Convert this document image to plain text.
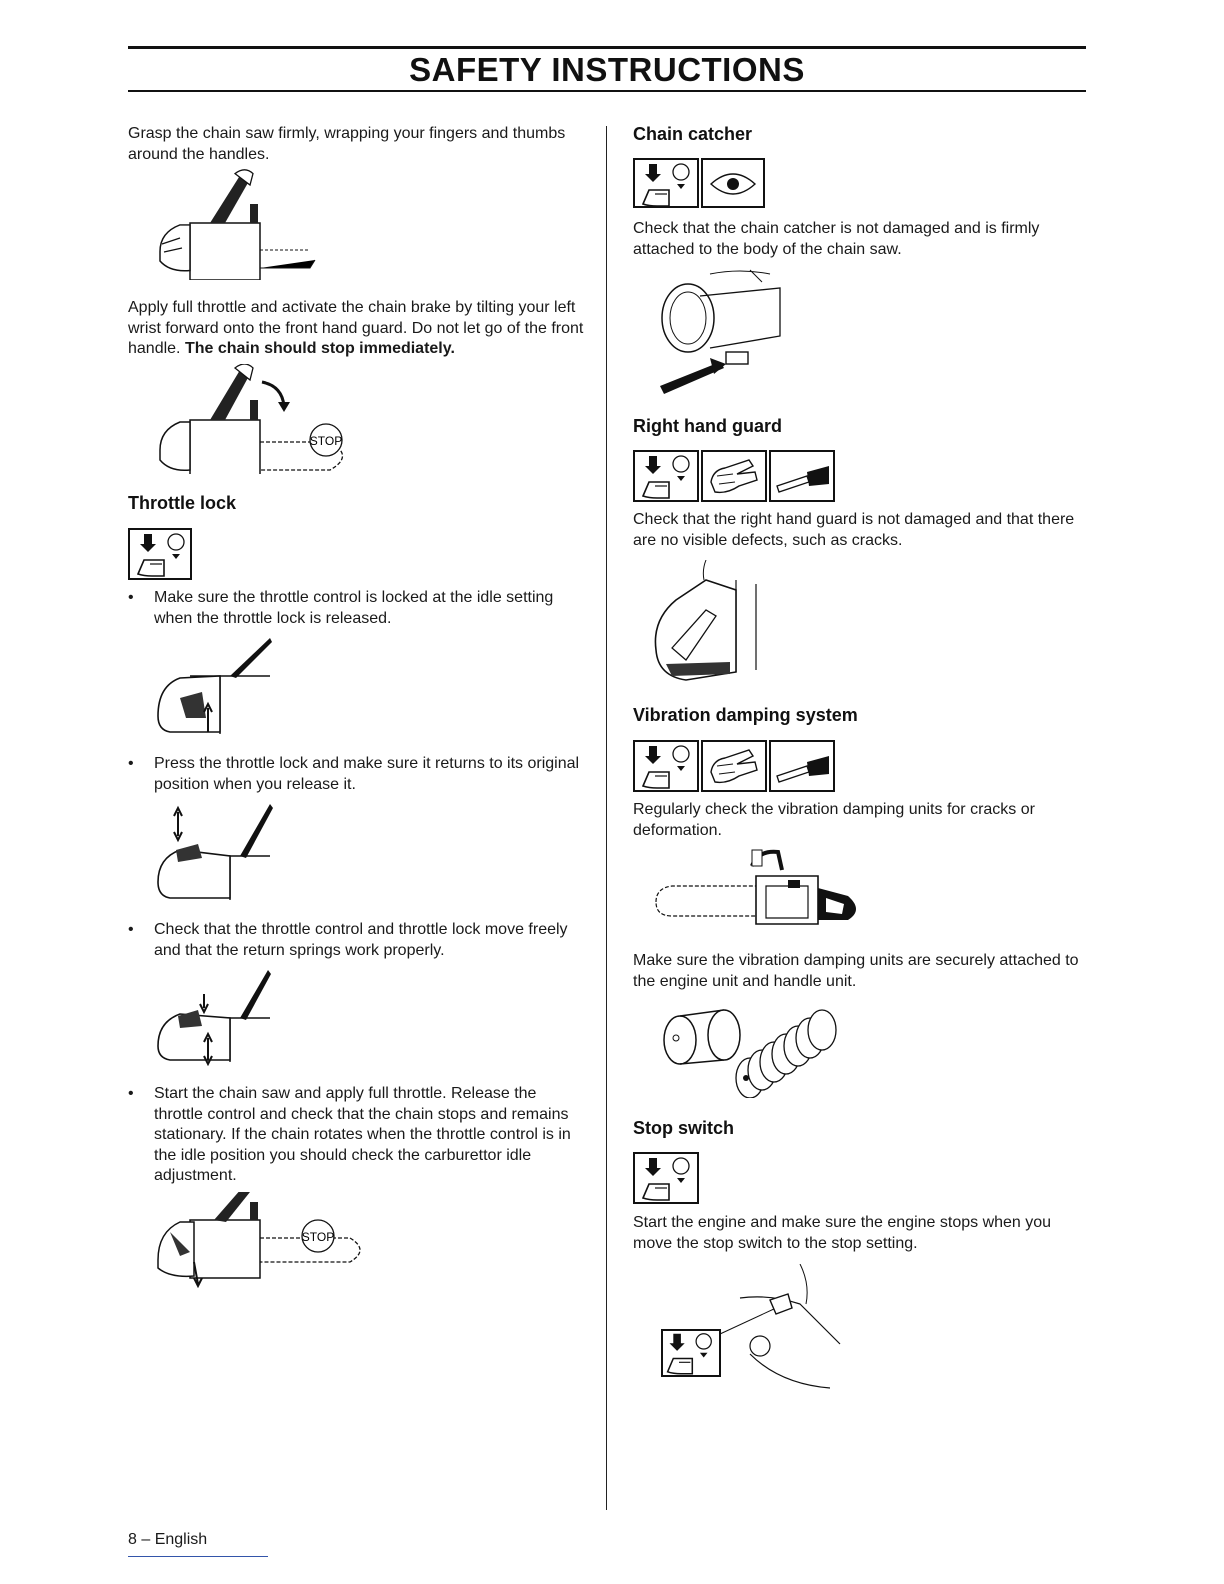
SAFETY INSTRUCTIONS

Grasp the chain saw firmly, wrapping your fingers and thumbs around the handles.

Apply full throttle and activate the chain brake by tilting your left wrist forward onto the front hand guard. Do not let go of the front handle. The chain should stop immediately.

STOP
Throttle lock
• Make sure the throttle control is locked at the idle setting when the throttle lock is released.
• Press the throttle lock and make sure it returns to its original position when you release it.
• Check that the throttle control and throttle lock move freely and that the return springs work properly.
• Start the chain saw and apply full throttle. Release the throttle control and check that the chain stops and remains stationary. If the chain rotates when the throttle control is in the idle position you should check the carburettor idle adjustment.
STOP
Chain catcher

Check that the chain catcher is not damaged and is firmly attached to the body of the chain saw.

Right hand guard

Check that the right hand guard is not damaged and that there are no visible defects, such as cracks.

Vibration damping system

Regularly check the vibration damping units for cracks or deformation.

Make sure the vibration damping units are securely attached to the engine unit and handle unit.

Stop switch

Start the engine and make sure the engine stops when you move the stop switch to the stop setting.

8 – English
